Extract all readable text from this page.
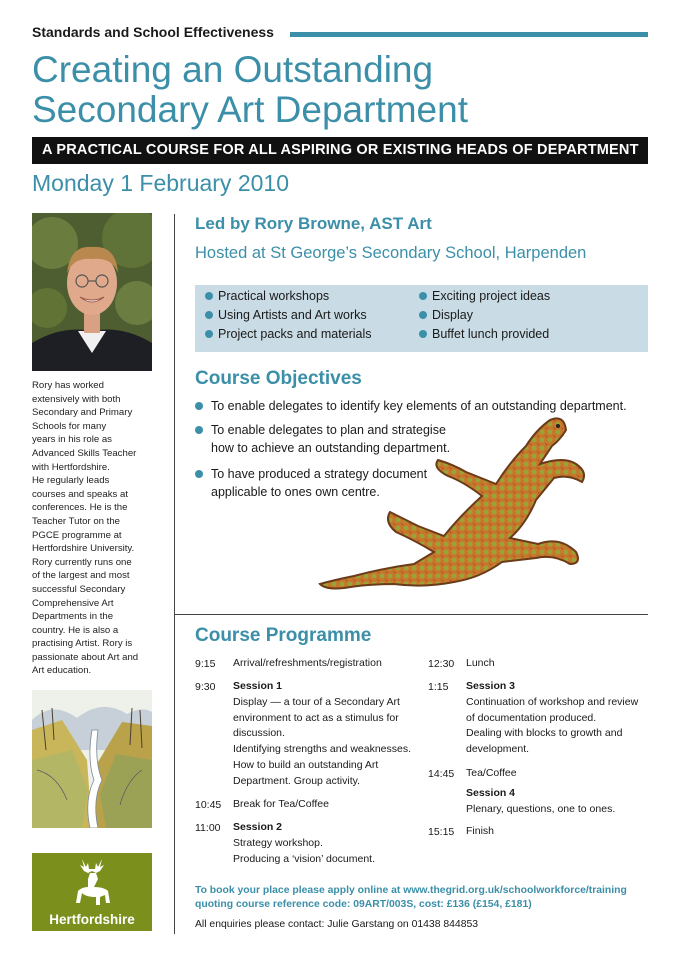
Standards and School Effectiveness
Creating an Outstanding
Secondary Art Department
A PRACTICAL COURSE FOR ALL ASPIRING OR EXISTING HEADS OF DEPARTMENT
Monday 1 February 2010
Rory has worked
extensively with both
Secondary and Primary
Schools for many
years in his role as
Advanced Skills Teacher
with Hertfordshire.
He regularly leads
courses and speaks at
conferences. He is the
Teacher Tutor on the
PGCE programme at
Hertfordshire University.
Rory currently runs one
of the largest and most
successful Secondary
Comprehensive Art
Departments in the
country. He is also a
practising Artist. Rory is
passionate about Art and
Art education.
Hertfordshire
Led by Rory Browne, AST Art
Hosted at St George’s Secondary School, Harpenden
Practical workshops
Using Artists and Art works
Project packs and materials
Exciting project ideas
Display
Buffet lunch provided
Course Objectives
To enable delegates to identify key elements of an outstanding department.
To enable delegates to plan and strategise
how to achieve an outstanding department.
To have produced a strategy document
applicable to ones own centre.
Course Programme
9:15 Arrival/refreshments/registration
9:30 Session 1
Display — a tour of a Secondary Art
environment to act as a stimulus for
discussion.
Identifying strengths and weaknesses.
How to build an outstanding Art
Department. Group activity.
10:45 Break for Tea/Coffee
11:00 Session 2
Strategy workshop.
Producing a ‘vision’ document.
12:30 Lunch
1:15 Session 3
Continuation of workshop and review
of documentation produced.
Dealing with blocks to growth and
development.
14:45 Tea/Coffee
Session 4
Plenary, questions, one to ones.
15:15 Finish
To book your place please apply online at www.thegrid.org.uk/schoolworkforce/training
quoting course reference code: 09ART/003S, cost: £136 (£154, £181)
All enquiries please contact: Julie Garstang on 01438 844853
